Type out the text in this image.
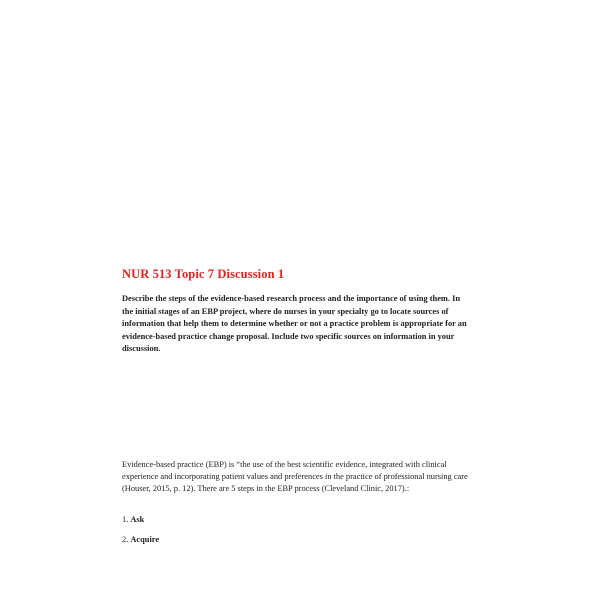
NUR 513 Topic 7 Discussion 1

Describe the steps of the evidence-based research process and the importance of using them. In the initial stages of an EBP project, where do nurses in your specialty go to locate sources of information that help them to determine whether or not a practice problem is appropriate for an evidence-based practice change proposal. Include two specific sources on information in your discussion.

Evidence-based practice (EBP) is “the use of the best scientific evidence, integrated with clinical experience and incorporating patient values and preferences in the practice of professional nursing care (Houser, 2015, p. 12). There are 5 steps in the EBP process (Cleveland Clinic, 2017).:

1. Ask

2. Acquire
